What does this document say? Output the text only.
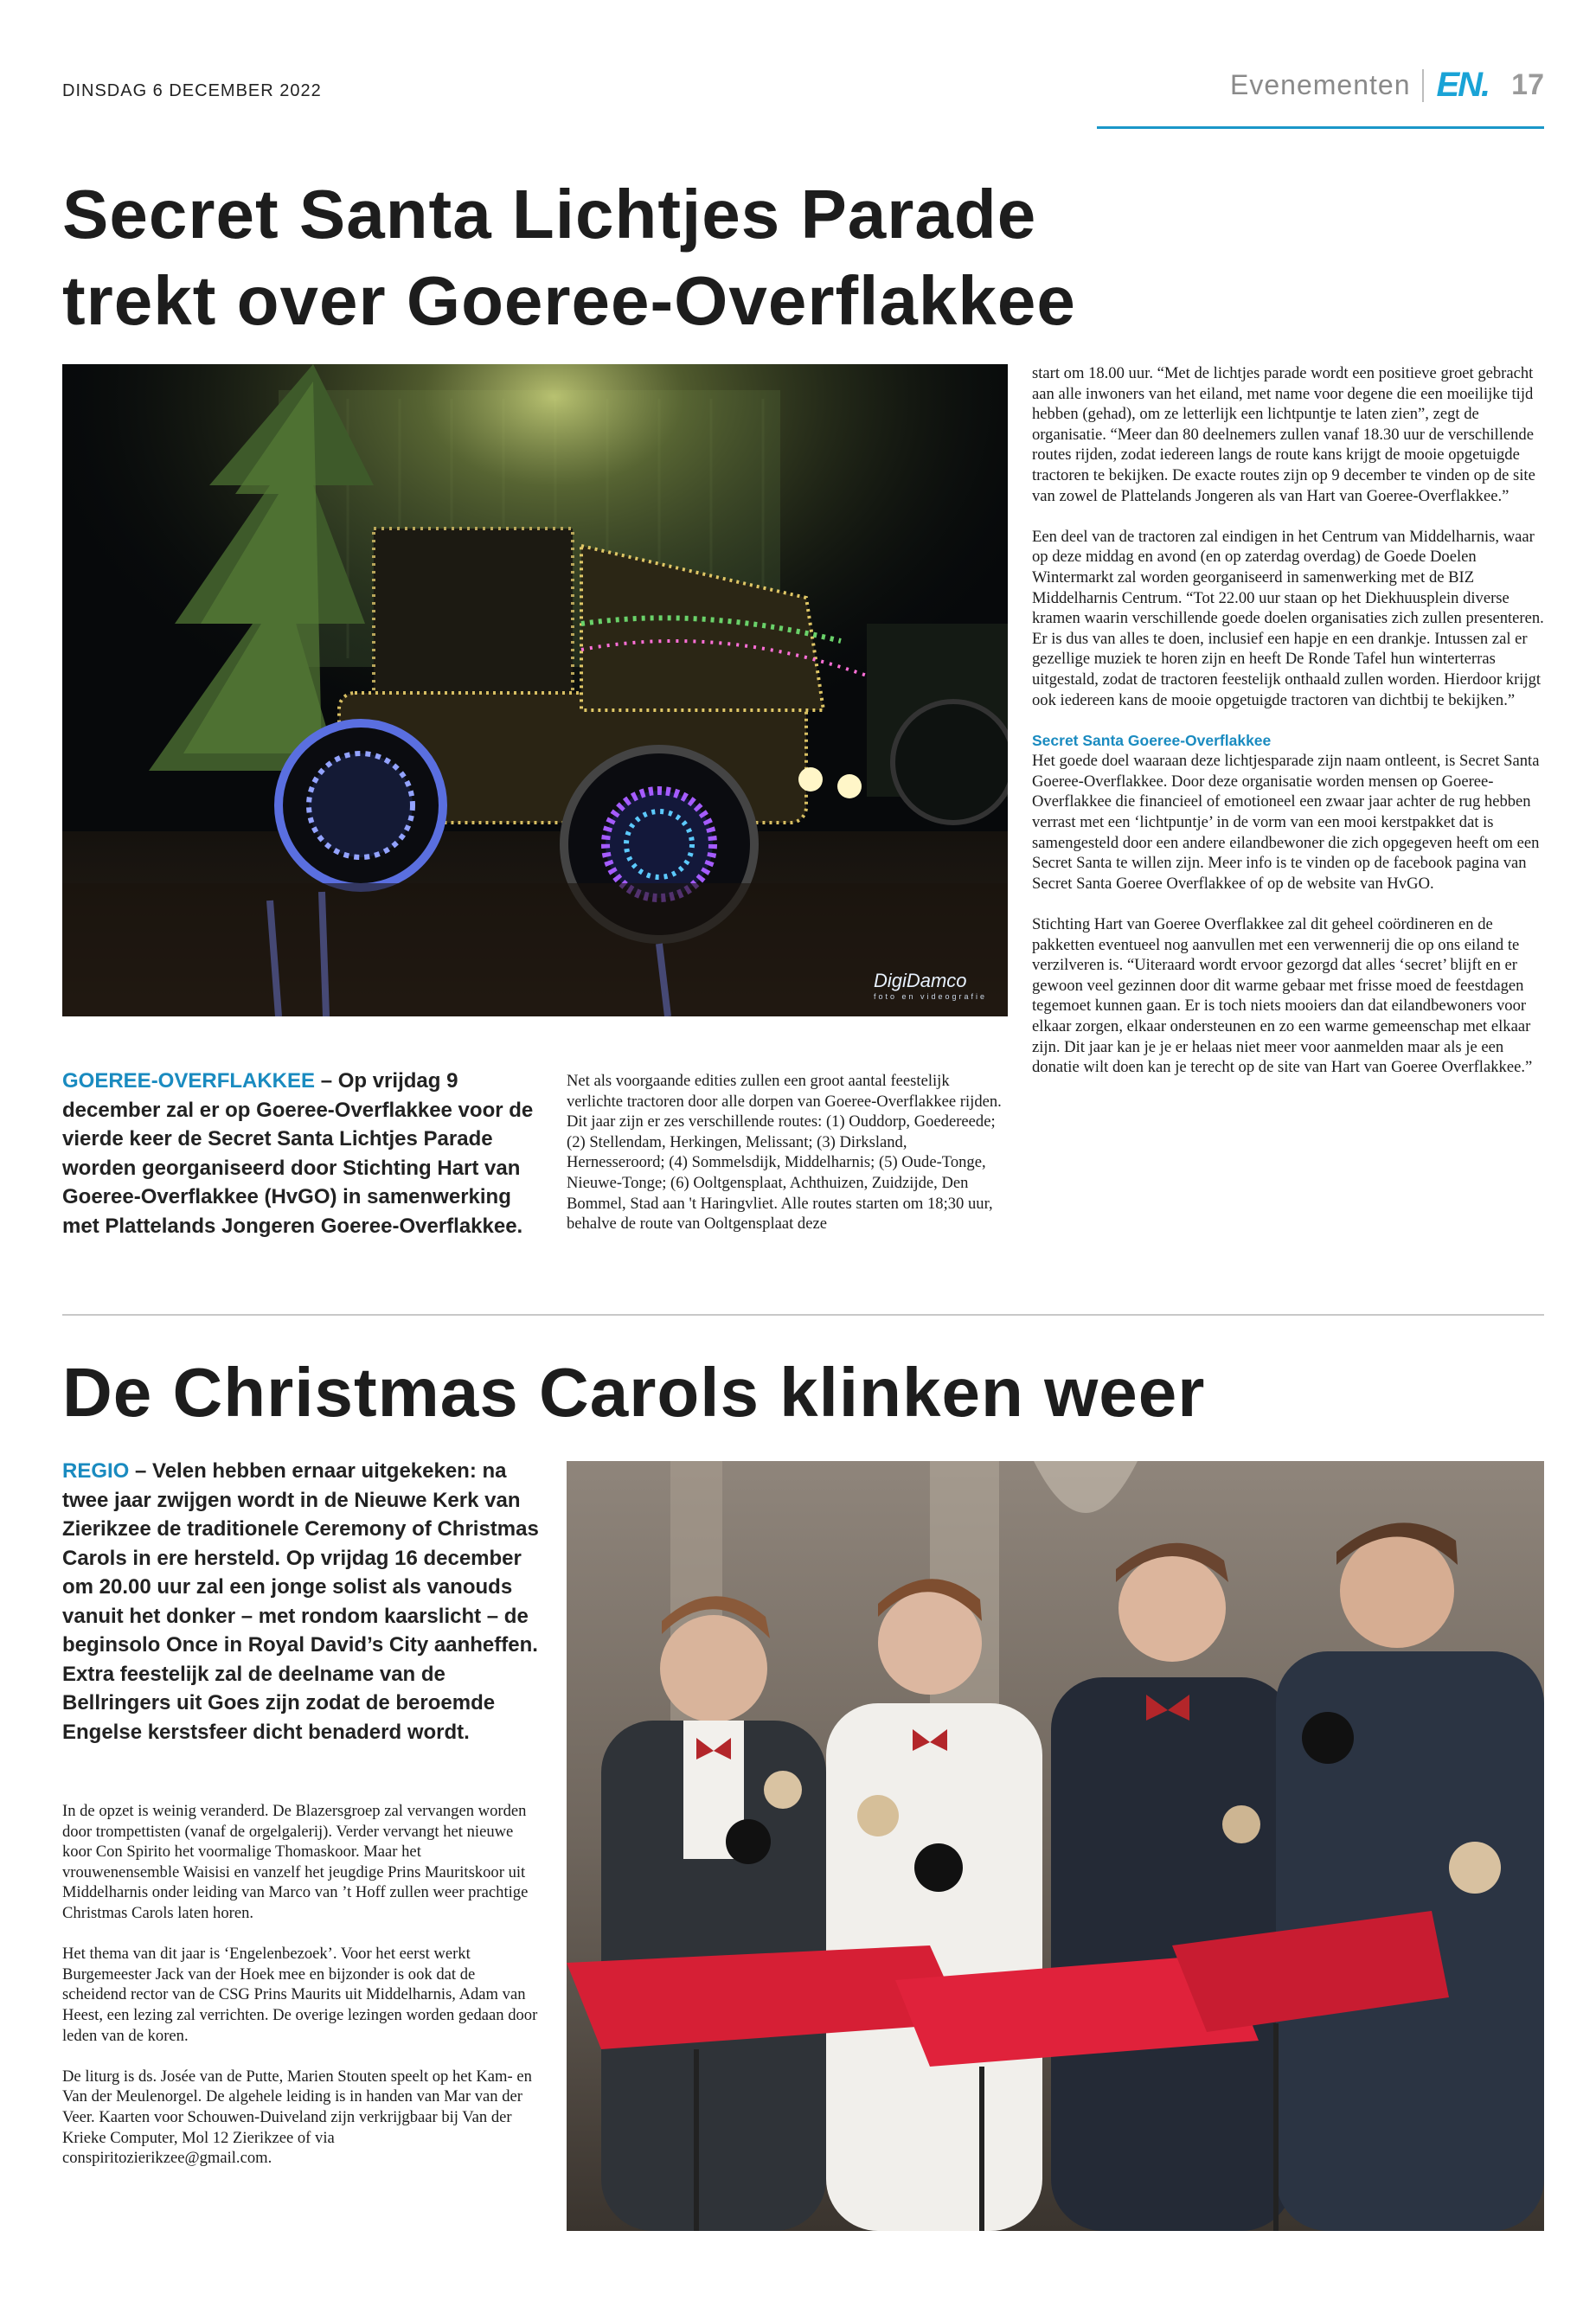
DINSDAG 6 DECEMBER 2022	Evenementen EN. 17
Secret Santa Lichtjes Parade
trekt over Goeree-Overflakkee
DigiDamco
foto en videografie
GOEREE-OVERFLAKKEE – Op vrijdag 9 december zal er op Goeree-Overflakkee voor de vierde keer de Secret Santa Lichtjes Parade worden georganiseerd door Stichting Hart van Goeree-Overflakkee (HvGO) in samenwerking met Plattelands Jongeren Goeree-Overflakkee.

Net als voorgaande edities zullen een groot aantal feestelijk verlichte tractoren door alle dorpen van Goeree-Overflakkee rijden. Dit jaar zijn er zes verschillende routes: (1) Ouddorp, Goedereede; (2) Stellendam, Herkingen, Melissant; (3) Dirksland, Hernesseroord; (4) Sommelsdijk, Middelharnis; (5) Oude-Tonge, Nieuwe-Tonge; (6) Ooltgensplaat, Achthuizen, Zuidzijde, Den Bommel, Stad aan 't Haringvliet. Alle routes starten om 18;30 uur, behalve de route van Ooltgensplaat deze

start om 18.00 uur. “Met de lichtjes parade wordt een positieve groet gebracht aan alle inwoners van het eiland, met name voor degene die een moeilijke tijd hebben (gehad), om ze letterlijk een lichtpuntje te laten zien”, zegt de organisatie. “Meer dan 80 deelnemers zullen vanaf 18.30 uur de verschillende routes rijden, zodat iedereen langs de route kans krijgt de mooie opgetuigde tractoren te bekijken. De exacte routes zijn op 9 december te vinden op de site van zowel de Plattelands Jongeren als van Hart van Goeree-Overflakkee.”

Een deel van de tractoren zal eindigen in het Centrum van Middelharnis, waar op deze middag en avond (en op zaterdag overdag) de Goede Doelen Wintermarkt zal worden georganiseerd in samenwerking met de BIZ Middelharnis Centrum. “Tot 22.00 uur staan op het Diekhuusplein diverse kramen waarin verschillende goede doelen organisaties zich zullen presenteren. Er is dus van alles te doen, inclusief een hapje en een drankje. Intussen zal er gezellige muziek te horen zijn en heeft De Ronde Tafel hun winterterras uitgestald, zodat de tractoren feestelijk onthaald zullen worden. Hierdoor krijgt ook iedereen kans de mooie opgetuigde tractoren van dichtbij te bekijken.”

Secret Santa Goeree-Overflakkee
Het goede doel waaraan deze lichtjesparade zijn naam ontleent, is Secret Santa Goeree-Overflakkee. Door deze organisatie worden mensen op Goeree-Overflakkee die financieel of emotioneel een zwaar jaar achter de rug hebben verrast met een ‘lichtpuntje’ in de vorm van een mooi kerstpakket dat is samengesteld door een andere eilandbewoner die zich opgegeven heeft om een Secret Santa te willen zijn. Meer info is te vinden op de facebook pagina van Secret Santa Goeree Overflakkee of op de website van HvGO.

Stichting Hart van Goeree Overflakkee zal dit geheel coördineren en de pakketten eventueel nog aanvullen met een verwennerij die op ons eiland te verzilveren is. “Uiteraard wordt ervoor gezorgd dat alles ‘secret’ blijft en er gewoon veel gezinnen door dit warme gebaar met frisse moed de feestdagen tegemoet kunnen gaan. Er is toch niets mooiers dan dat eilandbewoners voor elkaar zorgen, elkaar ondersteunen en zo een warme gemeenschap met elkaar zijn. Dit jaar kan je je er helaas niet meer voor aanmelden maar als je een donatie wilt doen kan je terecht op de site van Hart van Goeree Overflakkee.”

De Christmas Carols klinken weer
REGIO – Velen hebben ernaar uitgekeken: na twee jaar zwijgen wordt in de Nieuwe Kerk van Zierikzee de traditionele Ceremony of Christmas Carols in ere hersteld. Op vrijdag 16 december om 20.00 uur zal een jonge solist als vanouds vanuit het donker – met rondom kaarslicht – de beginsolo Once in Royal David’s City aanheffen. Extra feestelijk zal de deelname van de Bellringers uit Goes zijn zodat de beroemde Engelse kerstsfeer dicht benaderd wordt.

In de opzet is weinig veranderd. De Blazersgroep zal vervangen worden door trompettisten (vanaf de orgelgalerij). Verder vervangt het nieuwe koor Con Spirito het voormalige Thomaskoor. Maar het vrouwenensemble Waisisi en vanzelf het jeugdige Prins Mauritskoor uit Middelharnis onder leiding van Marco van ’t Hoff zullen weer prachtige Christmas Carols laten horen.

Het thema van dit jaar is ‘Engelenbezoek’. Voor het eerst werkt Burgemeester Jack van der Hoek mee en bijzonder is ook dat de scheidend rector van de CSG Prins Maurits uit Middelharnis, Adam van Heest, een lezing zal verrichten. De overige lezingen worden gedaan door leden van de koren.

De liturg is ds. Josée van de Putte, Marien Stouten speelt op het Kam- en Van der Meulenorgel. De algehele leiding is in handen van Mar van der Veer. Kaarten voor Schouwen-Duiveland zijn verkrijgbaar bij Van der Krieke Computer, Mol 12 Zierikzee of via conspiritozierikzee@gmail.com.
